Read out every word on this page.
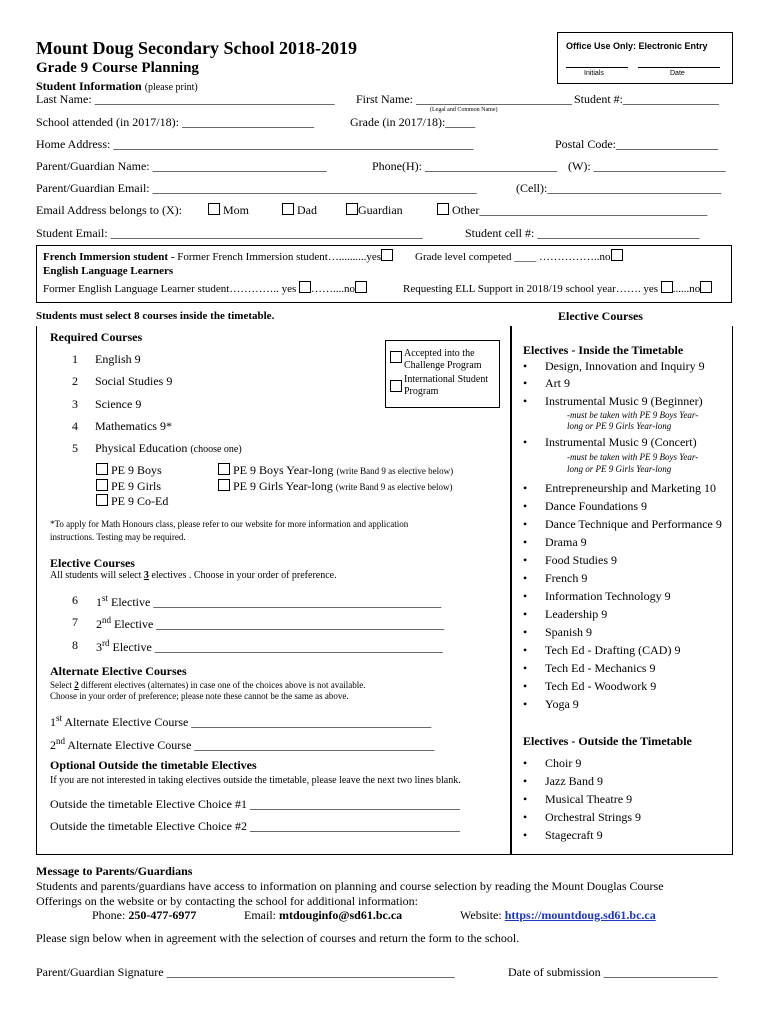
Mount Doug Secondary School 2018-2019
Grade 9 Course Planning
Office Use Only: Electronic Entry
Initials	Date
Student Information (please print)
Last Name: ________________________________________ First Name: __________________________
(Legal and Common Name)
Student #:________________
School attended (in 2017/18): ______________________	Grade (in 2017/18):_____
Home Address: ____________________________________________________________	Postal Code:_________________
Parent/Guardian Name: _____________________________	Phone(H): ______________________ (W): ______________________
Parent/Guardian Email: ______________________________________________________	(Cell):_____________________________
Email Address belongs to (X):	Mom	Dad	Guardian	Other______________________________________
Student Email: ____________________________________________________	Student cell #: ___________________________
French Immersion student - Former French Immersion student…..........yes	Grade level competed ____ ……………..no
English Language Learners
Former English Language Learner student………….. yes ……....no	Requesting ELL Support in 2018/19 school year……. yes ......no
Students must select 8 courses inside the timetable.
Required Courses
1 English 9
2 Social Studies 9
3 Science 9
4 Mathematics 9*
5 Physical Education (choose one)
Accepted into the Challenge Program
International Student Program
PE 9 Boys
PE 9 Girls
PE 9 Co-Ed
PE 9 Boys Year-long (write Band 9 as elective below)
PE 9 Girls Year-long (write Band 9 as elective below)
*To apply for Math Honours class, please refer to our website for more information and application
instructions. Testing may be required.
Elective Courses
All students will select 3 electives . Choose in your order of preference.
6 1st Elective ________________________________________________
7 2nd Elective ________________________________________________
8 3rd Elective ________________________________________________
Alternate Elective Courses
Select 2 different electives (alternates) in case one of the choices above is not available.
Choose in your order of preference; please note these cannot be the same as above.
1st Alternate Elective Course ________________________________________
2nd Alternate Elective Course ________________________________________
Optional Outside the timetable Electives
If you are not interested in taking electives outside the timetable, please leave the next two lines blank.
Outside the timetable Elective Choice #1 ___________________________________
Outside the timetable Elective Choice #2 ___________________________________
Elective Courses
Electives - Inside the Timetable
• Design, Innovation and Inquiry 9
• Art 9
• Instrumental Music 9 (Beginner)
-must be taken with PE 9 Boys Year-
long or PE 9 Girls Year-long
• Instrumental Music 9 (Concert)
-must be taken with PE 9 Boys Year-
long or PE 9 Girls Year-long
• Entrepreneurship and Marketing 10
• Dance Foundations 9
• Dance Technique and Performance 9
• Drama 9
• Food Studies 9
• French 9
• Information Technology 9
• Leadership 9
• Spanish 9
• Tech Ed - Drafting (CAD) 9
• Tech Ed - Mechanics 9
• Tech Ed - Woodwork 9
• Yoga 9
Electives - Outside the Timetable
• Choir 9
• Jazz Band 9
• Musical Theatre 9
• Orchestral Strings 9
• Stagecraft 9
Message to Parents/Guardians
Students and parents/guardians have access to information on planning and course selection by reading the Mount Douglas Course
Offerings on the website or by contacting the school for additional information:
Phone: 250-477-6977	Email: mtdouginfo@sd61.bc.ca	Website: https://mountdoug.sd61.bc.ca
Please sign below when in agreement with the selection of courses and return the form to the school.
Parent/Guardian Signature ________________________________________________	Date of submission ___________________
